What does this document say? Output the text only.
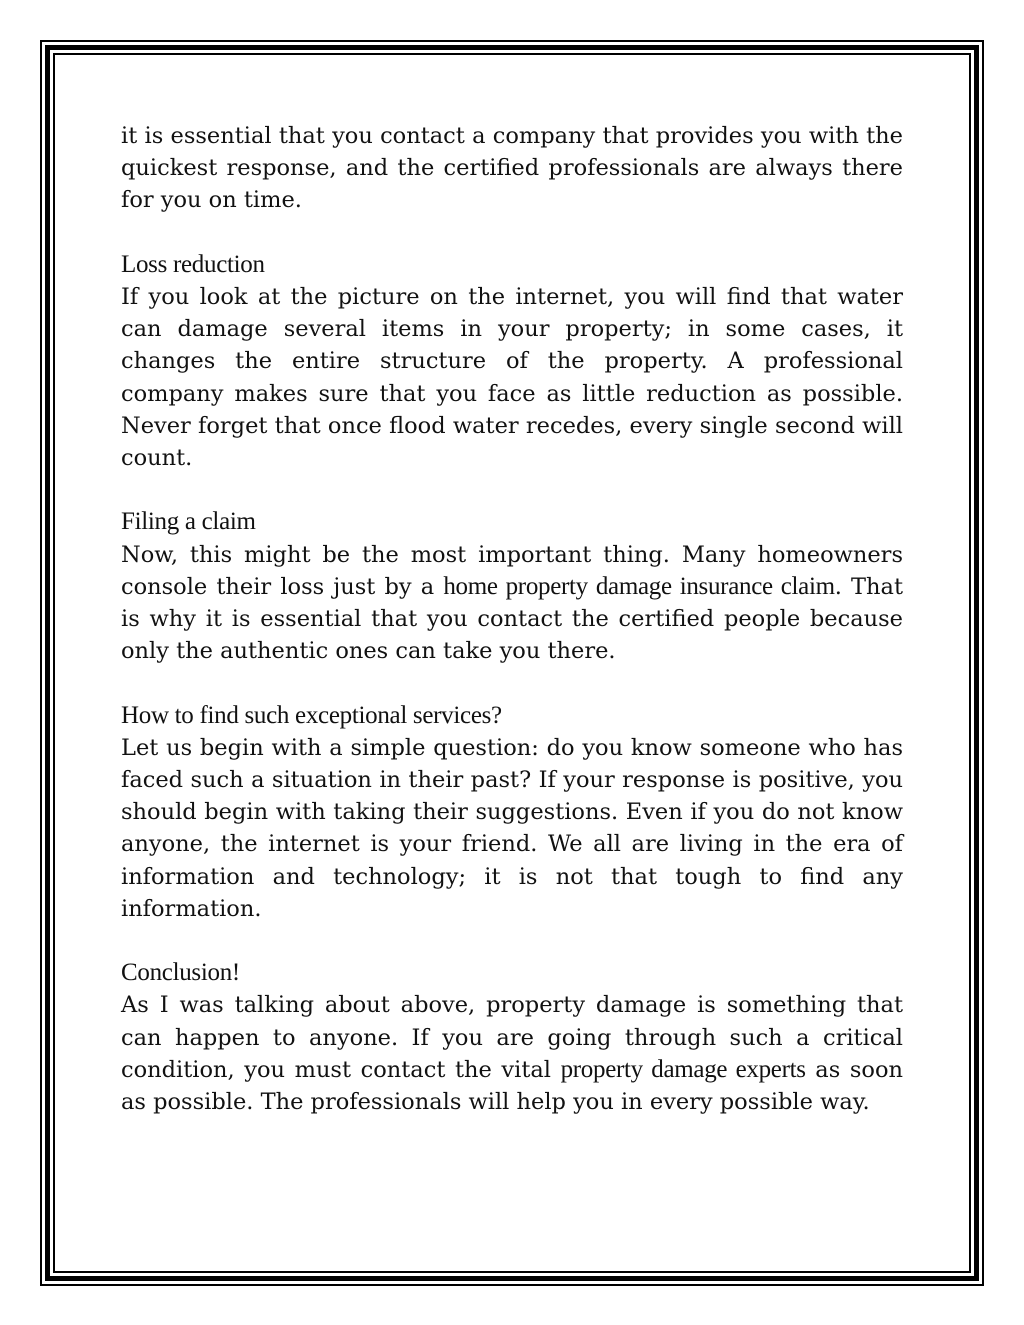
it is essential that you contact a company that provides you with the quickest response, and the certified professionals are always there for you on time.

Loss reduction

If you look at the picture on the internet, you will find that water can damage several items in your property; in some cases, it changes the entire structure of the property. A professional company makes sure that you face as little reduction as possible. Never forget that once flood water recedes, every single second will count.

Filing a claim

Now, this might be the most important thing. Many homeowners console their loss just by a home property damage insurance claim. That is why it is essential that you contact the certified people because only the authentic ones can take you there.

How to find such exceptional services?

Let us begin with a simple question: do you know someone who has faced such a situation in their past? If your response is positive, you should begin with taking their suggestions. Even if you do not know anyone, the internet is your friend. We all are living in the era of information and technology; it is not that tough to find any information.

Conclusion!

As I was talking about above, property damage is something that can happen to anyone. If you are going through such a critical condition, you must contact the vital property damage experts as soon as possible. The professionals will help you in every possible way.
